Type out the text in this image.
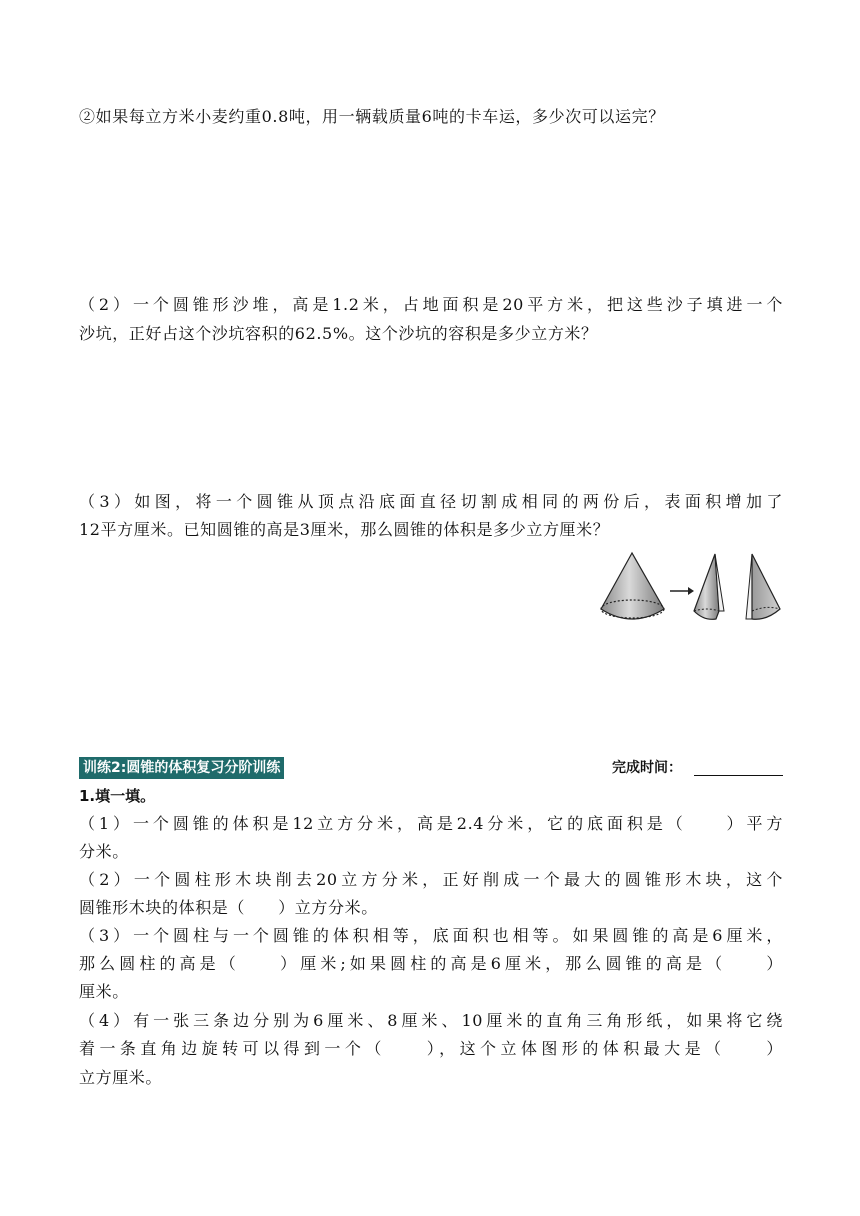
②如果每立方米小麦约重0.8吨，用一辆载质量6吨的卡车运，多少次可以运完？
（2）一个圆锥形沙堆，高是1.2米，占地面积是20平方米，把这些沙子填进一个
沙坑，正好占这个沙坑容积的62.5%。这个沙坑的容积是多少立方米？
（3）如图，将一个圆锥从顶点沿底面直径切割成相同的两份后，表面积增加了
12平方厘米。已知圆锥的高是3厘米，那么圆锥的体积是多少立方厘米？
训练2:圆锥的体积复习分阶训练	完成时间：
1.填一填。
（1）一个圆锥的体积是12立方分米，高是2.4分米，它的底面积是（　　）平方
分米。
（2）一个圆柱形木块削去20立方分米，正好削成一个最大的圆锥形木块，这个
圆锥形木块的体积是（　　）立方分米。
（3）一个圆柱与一个圆锥的体积相等，底面积也相等。如果圆锥的高是6厘米，
那么圆柱的高是（　　）厘米;如果圆柱的高是6厘米，那么圆锥的高是（　　）
厘米。
（4）有一张三条边分别为6厘米、8厘米、10厘米的直角三角形纸，如果将它绕
着一条直角边旋转可以得到一个（　　），这个立体图形的体积最大是（　　）
立方厘米。
